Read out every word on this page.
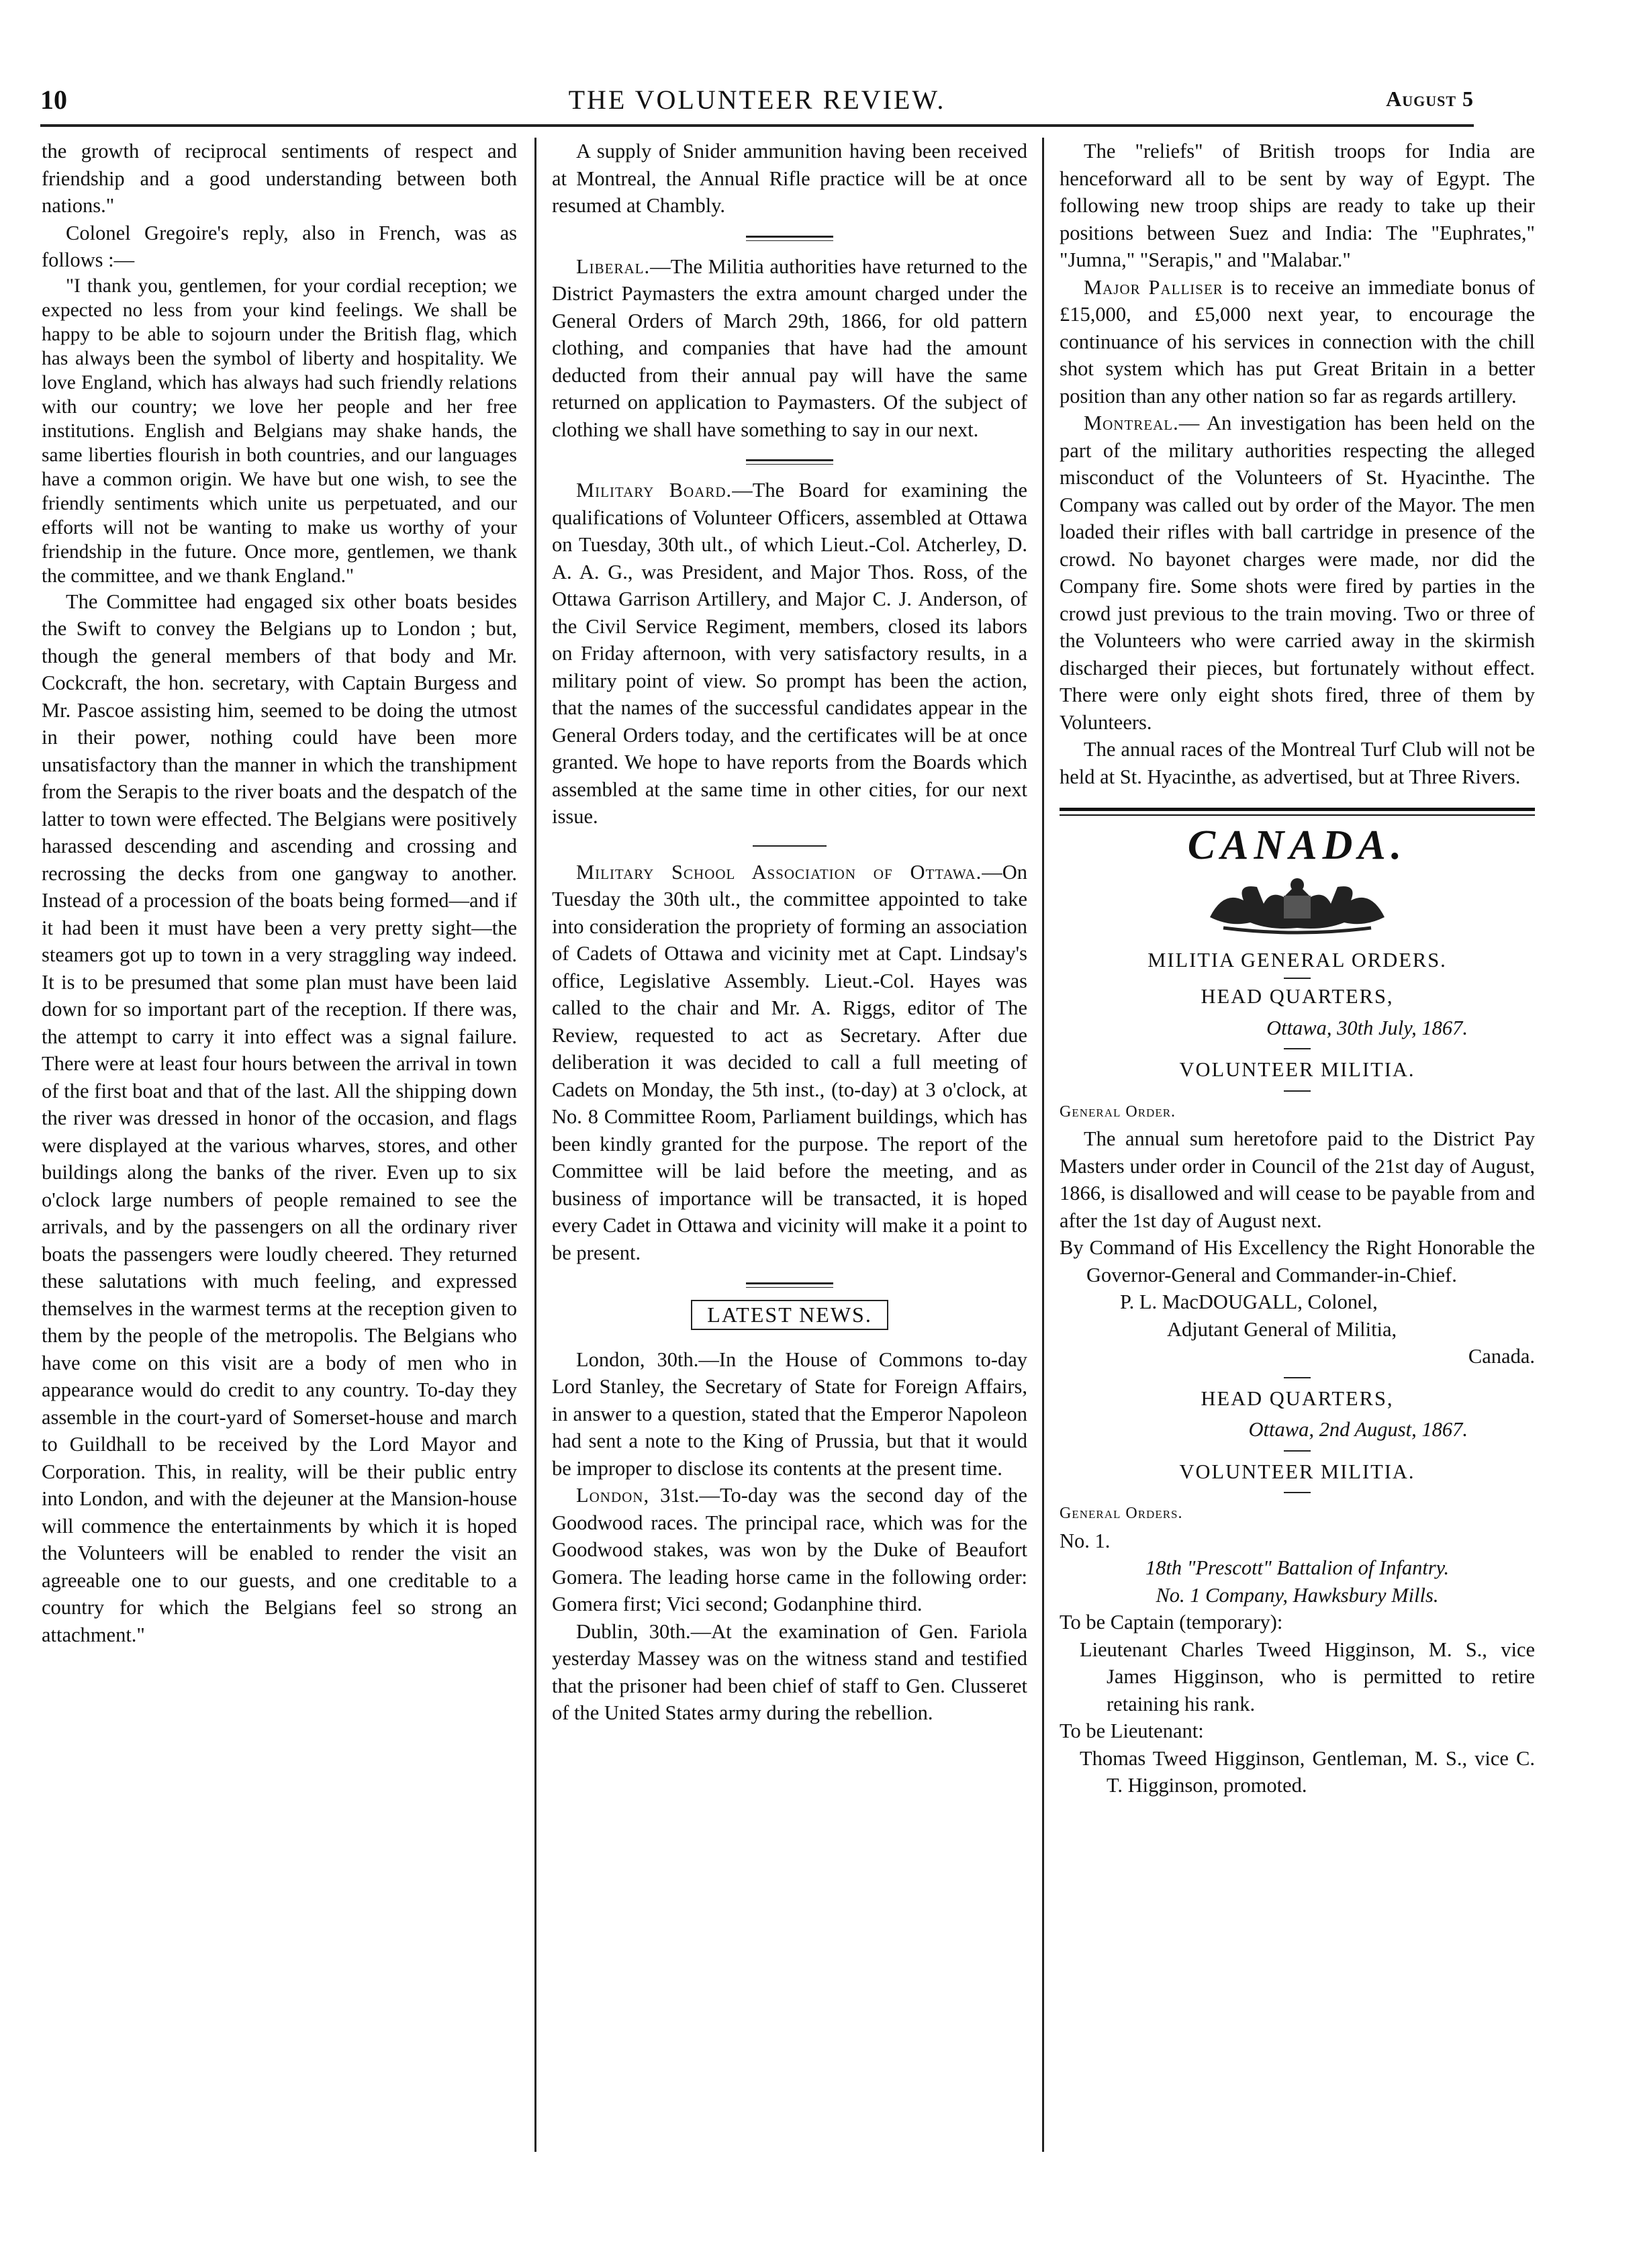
10	THE VOLUNTEER REVIEW.	August 5

the growth of reciprocal sentiments of respect and friendship and a good understanding between both nations."

Colonel Gregoire's reply, also in French, was as follows :—

"I thank you, gentlemen, for your cordial reception; we expected no less from your kind feelings. We shall be happy to be able to sojourn under the British flag, which has always been the symbol of liberty and hospitality. We love England, which has always had such friendly relations with our country; we love her people and her free institutions. English and Belgians may shake hands, the same liberties flourish in both countries, and our languages have a common origin. We have but one wish, to see the friendly sentiments which unite us perpetuated, and our efforts will not be wanting to make us worthy of your friendship in the future. Once more, gentlemen, we thank the committee, and we thank England."

The Committee had engaged six other boats besides the Swift to convey the Belgians up to London ; but, though the general members of that body and Mr. Cockcraft, the hon. secretary, with Captain Burgess and Mr. Pascoe assisting him, seemed to be doing the utmost in their power, nothing could have been more unsatisfactory than the manner in which the transhipment from the Serapis to the river boats and the despatch of the latter to town were effected. The Belgians were positively harassed descending and ascending and crossing and recrossing the decks from one gangway to another. Instead of a procession of the boats being formed—and if it had been it must have been a very pretty sight—the steamers got up to town in a very straggling way indeed. It is to be presumed that some plan must have been laid down for so important part of the reception. If there was, the attempt to carry it into effect was a signal failure. There were at least four hours between the arrival in town of the first boat and that of the last. All the shipping down the river was dressed in honor of the occasion, and flags were displayed at the various wharves, stores, and other buildings along the banks of the river. Even up to six o'clock large numbers of people remained to see the arrivals, and by the passengers on all the ordinary river boats the passengers were loudly cheered. They returned these salutations with much feeling, and expressed themselves in the warmest terms at the reception given to them by the people of the metropolis. The Belgians who have come on this visit are a body of men who in appearance would do credit to any country. To-day they assemble in the court-yard of Somerset-house and march to Guildhall to be received by the Lord Mayor and Corporation. This, in reality, will be their public entry into London, and with the dejeuner at the Mansion-house will commence the entertainments by which it is hoped the Volunteers will be enabled to render the visit an agreeable one to our guests, and one creditable to a country for which the Belgians feel so strong an attachment."

A supply of Snider ammunition having been received at Montreal, the Annual Rifle practice will be at once resumed at Chambly.

Liberal.—The Militia authorities have returned to the District Paymasters the extra amount charged under the General Orders of March 29th, 1866, for old pattern clothing, and companies that have had the amount deducted from their annual pay will have the same returned on application to Paymasters. Of the subject of clothing we shall have something to say in our next.

Military Board.—The Board for examining the qualifications of Volunteer Officers, assembled at Ottawa on Tuesday, 30th ult., of which Lieut.-Col. Atcherley, D. A. A. G., was President, and Major Thos. Ross, of the Ottawa Garrison Artillery, and Major C. J. Anderson, of the Civil Service Regiment, members, closed its labors on Friday afternoon, with very satisfactory results, in a military point of view. So prompt has been the action, that the names of the successful candidates appear in the General Orders today, and the certificates will be at once granted. We hope to have reports from the Boards which assembled at the same time in other cities, for our next issue.

Military School Association of Ottawa.—On Tuesday the 30th ult., the committee appointed to take into consideration the propriety of forming an association of Cadets of Ottawa and vicinity met at Capt. Lindsay's office, Legislative Assembly. Lieut.-Col. Hayes was called to the chair and Mr. A. Riggs, editor of The Review, requested to act as Secretary. After due deliberation it was decided to call a full meeting of Cadets on Monday, the 5th inst., (to-day) at 3 o'clock, at No. 8 Committee Room, Parliament buildings, which has been kindly granted for the purpose. The report of the Committee will be laid before the meeting, and as business of importance will be transacted, it is hoped every Cadet in Ottawa and vicinity will make it a point to be present.

LATEST NEWS.

London, 30th.—In the House of Commons to-day Lord Stanley, the Secretary of State for Foreign Affairs, in answer to a question, stated that the Emperor Napoleon had sent a note to the King of Prussia, but that it would be improper to disclose its contents at the present time.

London, 31st.—To-day was the second day of the Goodwood races. The principal race, which was for the Goodwood stakes, was won by the Duke of Beaufort Gomera. The leading horse came in the following order: Gomera first; Vici second; Godanphine third.

Dublin, 30th.—At the examination of Gen. Fariola yesterday Massey was on the witness stand and testified that the prisoner had been chief of staff to Gen. Clusseret of the United States army during the rebellion.

The "reliefs" of British troops for India are henceforward all to be sent by way of Egypt. The following new troop ships are ready to take up their positions between Suez and India: The "Euphrates," "Jumna," "Serapis," and "Malabar."

Major Palliser is to receive an immediate bonus of £15,000, and £5,000 next year, to encourage the continuance of his services in connection with the chill shot system which has put Great Britain in a better position than any other nation so far as regards artillery.

Montreal.— An investigation has been held on the part of the military authorities respecting the alleged misconduct of the Volunteers of St. Hyacinthe. The Company was called out by order of the Mayor. The men loaded their rifles with ball cartridge in presence of the crowd. No bayonet charges were made, nor did the Company fire. Some shots were fired by parties in the crowd just previous to the train moving. Two or three of the Volunteers who were carried away in the skirmish discharged their pieces, but fortunately without effect. There were only eight shots fired, three of them by Volunteers.

The annual races of the Montreal Turf Club will not be held at St. Hyacinthe, as advertised, but at Three Rivers.

CANADA.
MILITIA GENERAL ORDERS.
HEAD QUARTERS,
Ottawa, 30th July, 1867.
VOLUNTEER MILITIA.

General Order.

The annual sum heretofore paid to the District Pay Masters under order in Council of the 21st day of August, 1866, is disallowed and will cease to be payable from and after the 1st day of August next.

By Command of His Excellency the Right Honorable the Governor-General and Commander-in-Chief.

P. L. MacDOUGALL, Colonel,

Adjutant General of Militia,

Canada.

HEAD QUARTERS,
Ottawa, 2nd August, 1867.
VOLUNTEER MILITIA.

General Orders.

No. 1.

18th "Prescott" Battalion of Infantry.

No. 1 Company, Hawksbury Mills.

To be Captain (temporary):

Lieutenant Charles Tweed Higginson, M. S., vice James Higginson, who is permitted to retire retaining his rank.

To be Lieutenant:

Thomas Tweed Higginson, Gentleman, M. S., vice C. T. Higginson, promoted.
